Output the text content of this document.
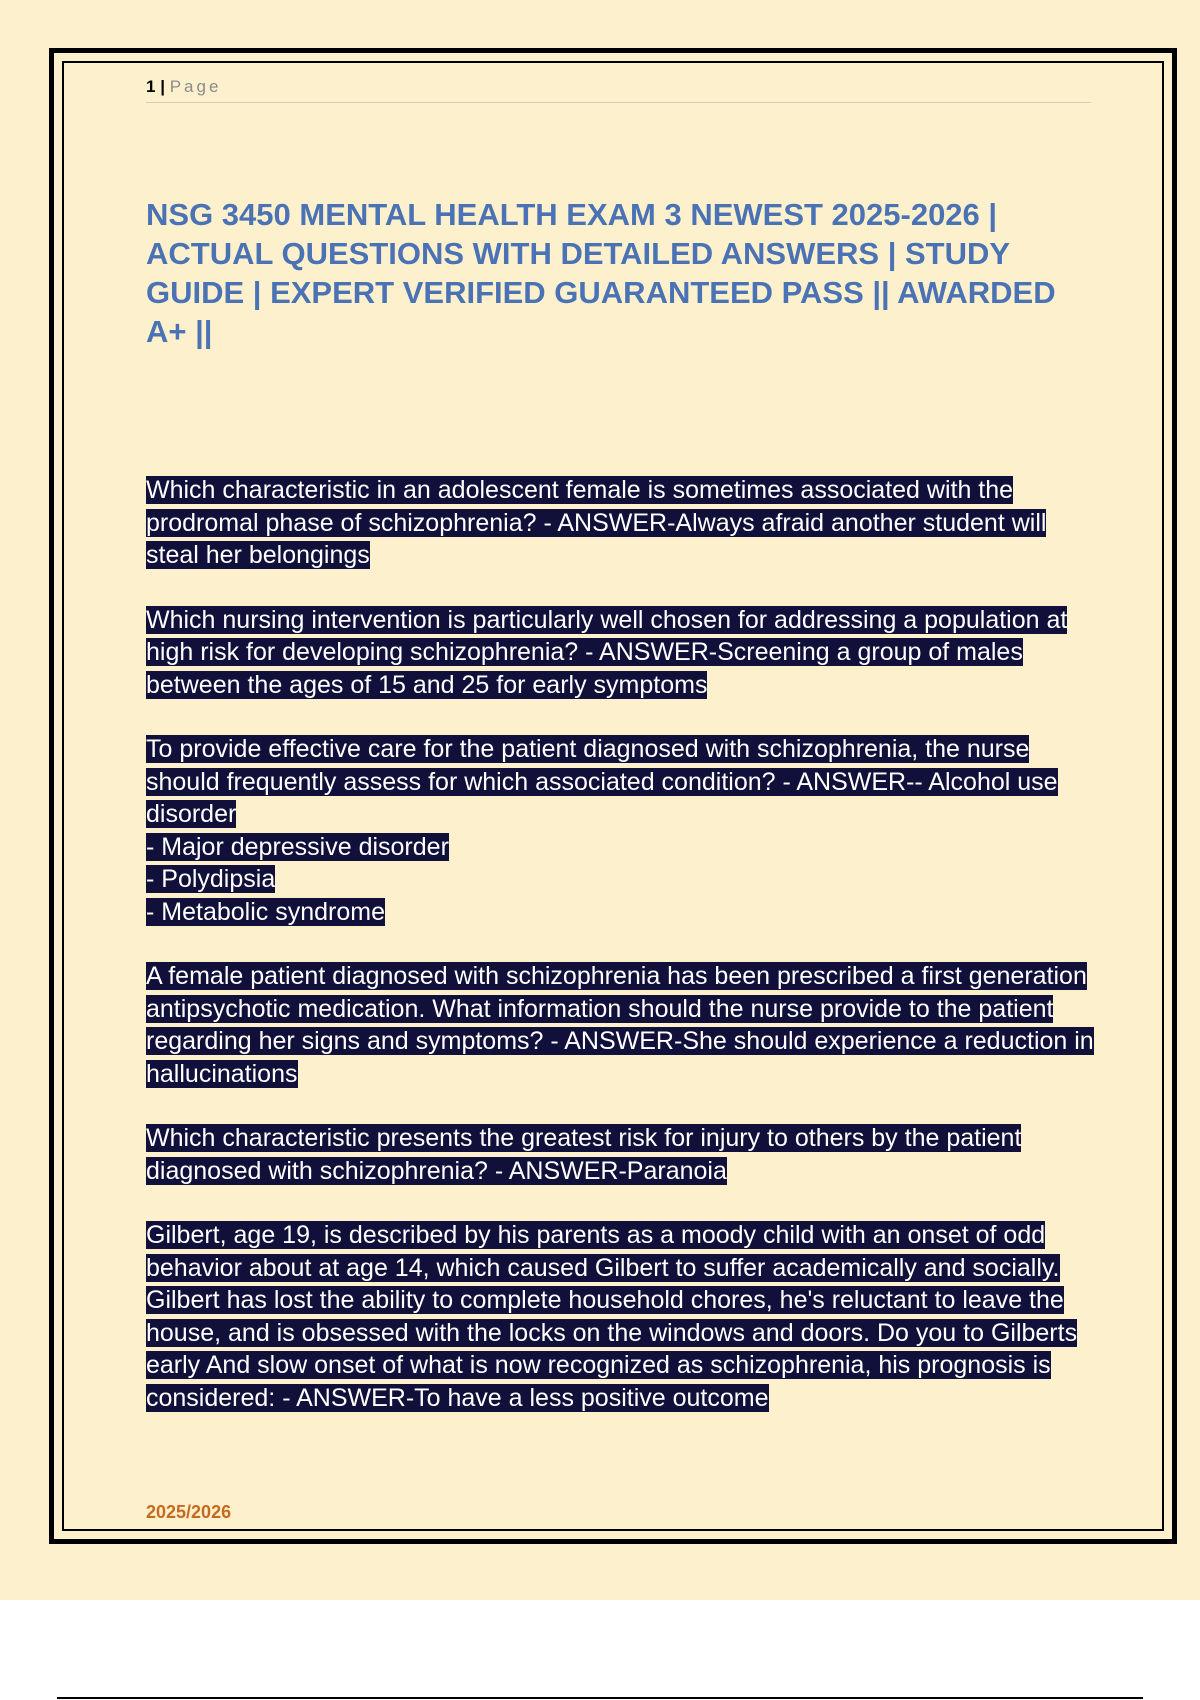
1 | Page
NSG 3450 MENTAL HEALTH EXAM 3 NEWEST 2025-2026 | ACTUAL QUESTIONS WITH DETAILED ANSWERS | STUDY GUIDE | EXPERT VERIFIED GUARANTEED PASS || AWARDED A+ ||

Which characteristic in an adolescent female is sometimes associated with the prodromal phase of schizophrenia? - ANSWER-Always afraid another student will steal her belongings

Which nursing intervention is particularly well chosen for addressing a population at high risk for developing schizophrenia? - ANSWER-Screening a group of males between the ages of 15 and 25 for early symptoms

To provide effective care for the patient diagnosed with schizophrenia, the nurse should frequently assess for which associated condition? - ANSWER-- Alcohol use disorder
- Major depressive disorder
- Polydipsia
- Metabolic syndrome

A female patient diagnosed with schizophrenia has been prescribed a first generation antipsychotic medication. What information should the nurse provide to the patient regarding her signs and symptoms? - ANSWER-She should experience a reduction in hallucinations

Which characteristic presents the greatest risk for injury to others by the patient diagnosed with schizophrenia? - ANSWER-Paranoia

Gilbert, age 19, is described by his parents as a moody child with an onset of odd behavior about at age 14, which caused Gilbert to suffer academically and socially. Gilbert has lost the ability to complete household chores, he's reluctant to leave the house, and is obsessed with the locks on the windows and doors. Do you to Gilberts early And slow onset of what is now recognized as schizophrenia, his prognosis is considered: - ANSWER-To have a less positive outcome

2025/2026
